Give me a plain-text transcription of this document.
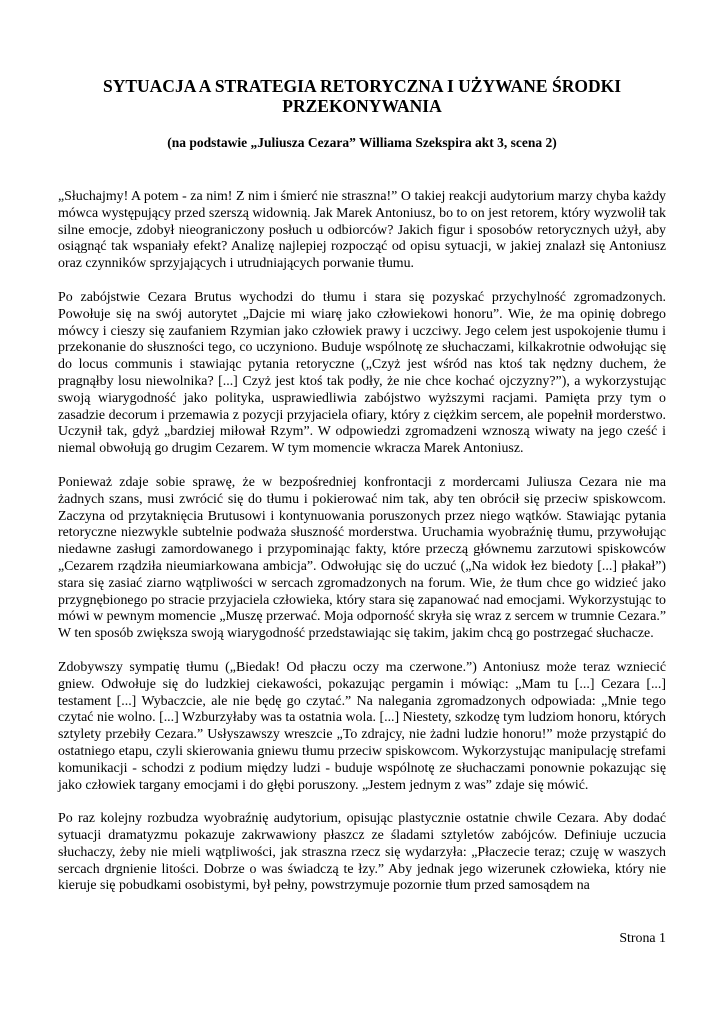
SYTUACJA A STRATEGIA RETORYCZNA I UŻYWANE ŚRODKI PRZEKONYWANIA
(na podstawie „Juliusza Cezara” Williama Szekspira akt 3, scena 2)

„Słuchajmy! A potem - za nim! Z nim i śmierć nie straszna!” O takiej reakcji audytorium marzy chyba każdy mówca występujący przed szerszą widownią. Jak Marek Antoniusz, bo to on jest retorem, który wyzwolił tak silne emocje, zdobył nieograniczony posłuch u odbiorców? Jakich figur i sposobów retorycznych użył, aby osiągnąć tak wspaniały efekt? Analizę najlepiej rozpocząć od opisu sytuacji, w jakiej znalazł się Antoniusz oraz czynników sprzyjających i utrudniających porwanie tłumu.

Po zabójstwie Cezara Brutus wychodzi do tłumu i stara się pozyskać przychylność zgromadzonych. Powołuje się na swój autorytet „Dajcie mi wiarę jako człowiekowi honoru”. Wie, że ma opinię dobrego mówcy i cieszy się zaufaniem Rzymian jako człowiek prawy i uczciwy. Jego celem jest uspokojenie tłumu i przekonanie do słuszności tego, co uczyniono. Buduje wspólnotę ze słuchaczami, kilkakrotnie odwołując się do locus communis i stawiając pytania retoryczne („Czyż jest wśród nas ktoś tak nędzny duchem, że pragnąłby losu niewolnika? [...] Czyż jest ktoś tak podły, że nie chce kochać ojczyzny?”), a wykorzystując swoją wiarygodność jako polityka, usprawiedliwia zabójstwo wyższymi racjami. Pamięta przy tym o zasadzie decorum i przemawia z pozycji przyjaciela ofiary, który z ciężkim sercem, ale popełnił morderstwo. Uczynił tak, gdyż „bardziej miłował Rzym”. W odpowiedzi zgromadzeni wznoszą wiwaty na jego cześć i niemal obwołują go drugim Cezarem. W tym momencie wkracza Marek Antoniusz.

Ponieważ zdaje sobie sprawę, że w bezpośredniej konfrontacji z mordercami Juliusza Cezara nie ma żadnych szans, musi zwrócić się do tłumu i pokierować nim tak, aby ten obrócił się przeciw spiskowcom. Zaczyna od przytaknięcia Brutusowi i kontynuowania poruszonych przez niego wątków. Stawiając pytania retoryczne niezwykle subtelnie podważa słuszność morderstwa. Uruchamia wyobraźnię tłumu, przywołując niedawne zasługi zamordowanego i przypominając fakty, które przeczą głównemu zarzutowi spiskowców „Cezarem rządziła nieumiarkowana ambicja”. Odwołując się do uczuć („Na widok łez biedoty [...] płakał”) stara się zasiać ziarno wątpliwości w sercach zgromadzonych na forum. Wie, że tłum chce go widzieć jako przygnębionego po stracie przyjaciela człowieka, który stara się zapanować nad emocjami. Wykorzystując to mówi w pewnym momencie „Muszę przerwać. Moja odporność skryła się wraz z sercem w trumnie Cezara.” W ten sposób zwiększa swoją wiarygodność przedstawiając się takim, jakim chcą go postrzegać słuchacze.

Zdobywszy sympatię tłumu („Biedak! Od płaczu oczy ma czerwone.”) Antoniusz może teraz wzniecić gniew. Odwołuje się do ludzkiej ciekawości, pokazując pergamin i mówiąc: „Mam tu [...] Cezara [...] testament [...] Wybaczcie, ale nie będę go czytać.” Na nalegania zgromadzonych odpowiada: „Mnie tego czytać nie wolno. [...] Wzburzyłaby was ta ostatnia wola. [...] Niestety, szkodzę tym ludziom honoru, których sztylety przebiły Cezara.” Usłyszawszy wreszcie „To zdrajcy, nie żadni ludzie honoru!” może przystąpić do ostatniego etapu, czyli skierowania gniewu tłumu przeciw spiskowcom. Wykorzystując manipulację strefami komunikacji - schodzi z podium między ludzi - buduje wspólnotę ze słuchaczami ponownie pokazując się jako człowiek targany emocjami i do głębi poruszony. „Jestem jednym z was” zdaje się mówić.

Po raz kolejny rozbudza wyobraźnię audytorium, opisując plastycznie ostatnie chwile Cezara. Aby dodać sytuacji dramatyzmu pokazuje zakrwawiony płaszcz ze śladami sztyletów zabójców. Definiuje uczucia słuchaczy, żeby nie mieli wątpliwości, jak straszna rzecz się wydarzyła: „Płaczecie teraz; czuję w waszych sercach drgnienie litości. Dobrze o was świadczą te łzy.” Aby jednak jego wizerunek człowieka, który nie kieruje się pobudkami osobistymi, był pełny, powstrzymuje pozornie tłum przed samosądem na

Strona 1
